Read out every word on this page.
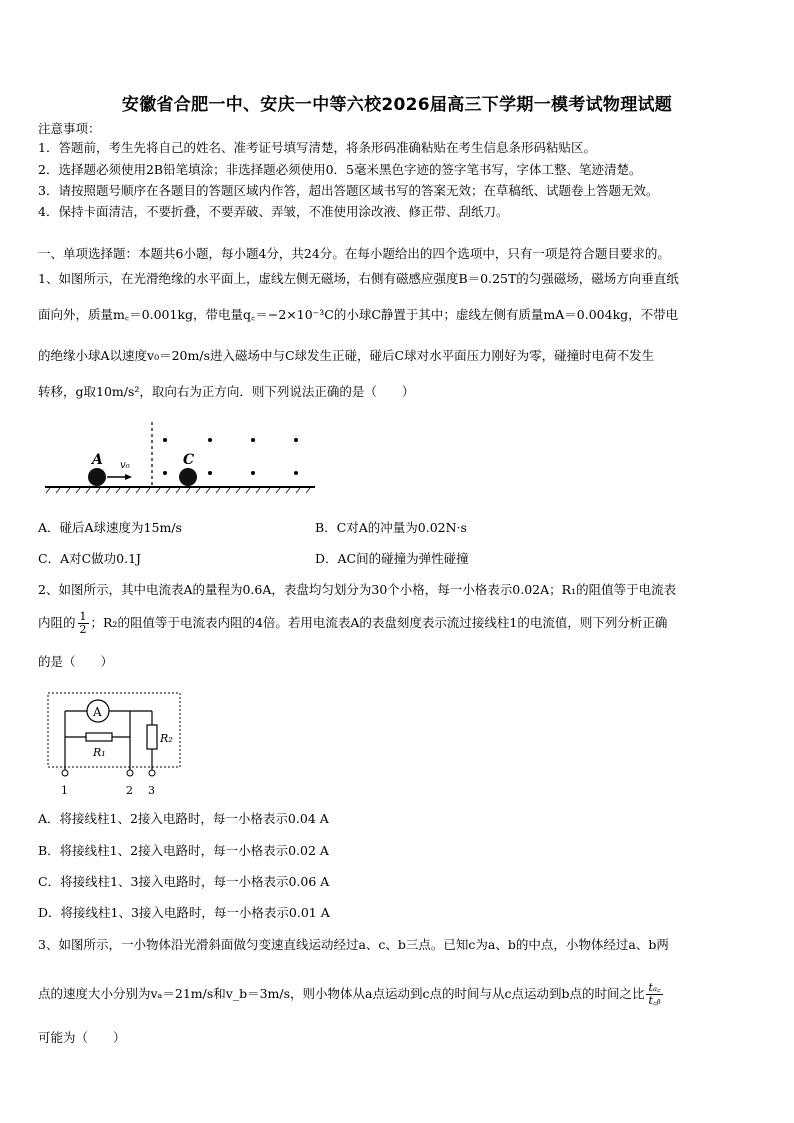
安徽省合肥一中、安庆一中等六校2026届高三下学期一模考试物理试题
注意事项：
1．答题前，考生先将自己的姓名、准考证号填写清楚，将条形码准确粘贴在考生信息条形码粘贴区。
2．选择题必须使用2B铅笔填涂；非选择题必须使用0．5毫米黑色字迹的签字笔书写，字体工整、笔迹清楚。
3．请按照题号顺序在各题目的答题区域内作答，超出答题区域书写的答案无效；在草稿纸、试题卷上答题无效。
4．保持卡面清洁，不要折叠，不要弄破、弄皱，不准使用涂改液、修正带、刮纸刀。
一、单项选择题：本题共6小题，每小题4分，共24分。在每小题给出的四个选项中，只有一项是符合题目要求的。
1、如图所示，在光滑绝缘的水平面上，虚线左侧无磁场，右侧有磁感应强度B＝0.25T的匀强磁场，磁场方向垂直纸
面向外，质量m꜀＝0.001kg，带电量q꜀＝−2×10⁻³C的小球C静置于其中；虚线左侧有质量mA＝0.004kg，不带电
的绝缘小球A以速度v₀＝20m/s进入磁场中与C球发生正碰，碰后C球对水平面压力刚好为零，碰撞时电荷不发生
转移，g取10m/s²，取向右为正方向．则下列说法正确的是（　　）
A	C
v₀
A．碰后A球速度为15m/s	B．C对A的冲量为0.02N·s
C．A对C做功0.1J	D．AC间的碰撞为弹性碰撞
2、如图所示，其中电流表A的量程为0.6A，表盘均匀划分为30个小格，每一小格表示0.02A；R₁的阻值等于电流表
内阻的 $\frac{1}{2}$ ；R₂的阻值等于电流表内阻的4倍。若用电流表A的表盘刻度表示流过接线柱1的电流值，则下列分析正确
的是（　　）
A
R₁
R₂
1	2 3
A．将接线柱1、2接入电路时，每一小格表示0.04 A
B．将接线柱1、2接入电路时，每一小格表示0.02 A
C．将接线柱1、3接入电路时，每一小格表示0.06 A
D．将接线柱1、3接入电路时，每一小格表示0.01 A
3、如图所示，一小物体沿光滑斜面做匀变速直线运动经过a、c、b三点。已知c为a、b的中点，小物体经过a、b两
点的速度大小分别为vₐ＝21m/s和v_b＝3m/s，则小物体从a点运动到c点的时间与从c点运动到b点的时间之比 $\frac{\text{tₐ꜀}}{\text{t꜀ᵦ}}$
可能为（　　）
